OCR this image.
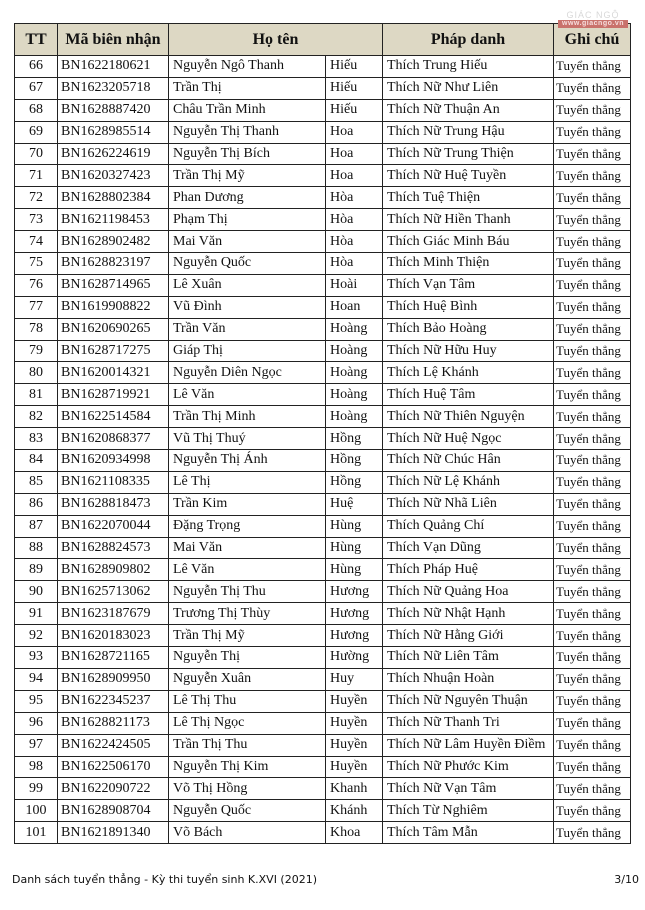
TT	Mã biên nhận	Họ tên		Pháp danh	Ghi chú
66	BN1622180621	Nguyễn Ngô Thanh	Hiếu	Thích Trung Hiếu	Tuyển thẳng
67	BN1623205718	Trần Thị	Hiếu	Thích Nữ Như Liên	Tuyển thẳng
68	BN1628887420	Châu Trần Minh	Hiếu	Thích Nữ Thuận An	Tuyển thẳng
69	BN1628985514	Nguyễn Thị Thanh	Hoa	Thích Nữ Trung Hậu	Tuyển thẳng
70	BN1626224619	Nguyễn Thị Bích	Hoa	Thích Nữ Trung Thiện	Tuyển thẳng
71	BN1620327423	Trần Thị Mỹ	Hoa	Thích Nữ Huệ Tuyền	Tuyển thẳng
72	BN1628802384	Phan Dương	Hòa	Thích Tuệ Thiện	Tuyển thẳng
73	BN1621198453	Phạm Thị	Hòa	Thích Nữ Hiền Thanh	Tuyển thẳng
74	BN1628902482	Mai Văn	Hòa	Thích Giác Minh Báu	Tuyển thẳng
75	BN1628823197	Nguyễn Quốc	Hòa	Thích Minh Thiện	Tuyển thẳng
76	BN1628714965	Lê Xuân	Hoài	Thích Vạn Tâm	Tuyển thẳng
77	BN1619908822	Vũ Đình	Hoan	Thích Huệ Bình	Tuyển thẳng
78	BN1620690265	Trần Văn	Hoàng	Thích Bảo Hoàng	Tuyển thẳng
79	BN1628717275	Giáp Thị	Hoàng	Thích Nữ Hữu Huy	Tuyển thẳng
80	BN1620014321	Nguyễn Diên Ngọc	Hoàng	Thích Lệ Khánh	Tuyển thẳng
81	BN1628719921	Lê Văn	Hoàng	Thích Huệ Tâm	Tuyển thẳng
82	BN1622514584	Trần Thị Minh	Hoàng	Thích Nữ Thiên Nguyện	Tuyển thẳng
83	BN1620868377	Vũ Thị Thuý	Hồng	Thích Nữ Huệ Ngọc	Tuyển thẳng
84	BN1620934998	Nguyễn Thị Ánh	Hồng	Thích Nữ Chúc Hân	Tuyển thẳng
85	BN1621108335	Lê Thị	Hồng	Thích Nữ Lệ Khánh	Tuyển thẳng
86	BN1628818473	Trần Kim	Huệ	Thích Nữ Nhã Liên	Tuyển thẳng
87	BN1622070044	Đặng Trọng	Hùng	Thích Quảng Chí	Tuyển thẳng
88	BN1628824573	Mai Văn	Hùng	Thích Vạn Dũng	Tuyển thẳng
89	BN1628909802	Lê Văn	Hùng	Thích Pháp Huệ	Tuyển thẳng
90	BN1625713062	Nguyễn Thị Thu	Hương	Thích Nữ Quảng Hoa	Tuyển thẳng
91	BN1623187679	Trương Thị Thùy	Hương	Thích Nữ Nhật Hạnh	Tuyển thẳng
92	BN1620183023	Trần Thị Mỹ	Hương	Thích Nữ Hằng Giới	Tuyển thẳng
93	BN1628721165	Nguyễn Thị	Hường	Thích Nữ Liên Tâm	Tuyển thẳng
94	BN1628909950	Nguyễn Xuân	Huy	Thích Nhuận Hoàn	Tuyển thẳng
95	BN1622345237	Lê Thị Thu	Huyền	Thích Nữ Nguyên Thuận	Tuyển thẳng
96	BN1628821173	Lê Thị Ngọc	Huyền	Thích Nữ Thanh Tri	Tuyển thẳng
97	BN1622424505	Trần Thị Thu	Huyền	Thích Nữ Lâm Huyền Điềm	Tuyển thẳng
98	BN1622506170	Nguyễn Thị Kim	Huyền	Thích Nữ Phước Kim	Tuyển thẳng
99	BN1622090722	Võ Thị Hồng	Khanh	Thích Nữ Vạn Tâm	Tuyển thẳng
100	BN1628908704	Nguyễn Quốc	Khánh	Thích Từ Nghiêm	Tuyển thẳng
101	BN1621891340	Võ Bách	Khoa	Thích Tâm Mẫn	Tuyển thẳng
GIÁC NGỘ
www.giacngo.vn
Danh sách tuyển thẳng - Kỳ thi tuyển sinh K.XVI (2021)	3/10
